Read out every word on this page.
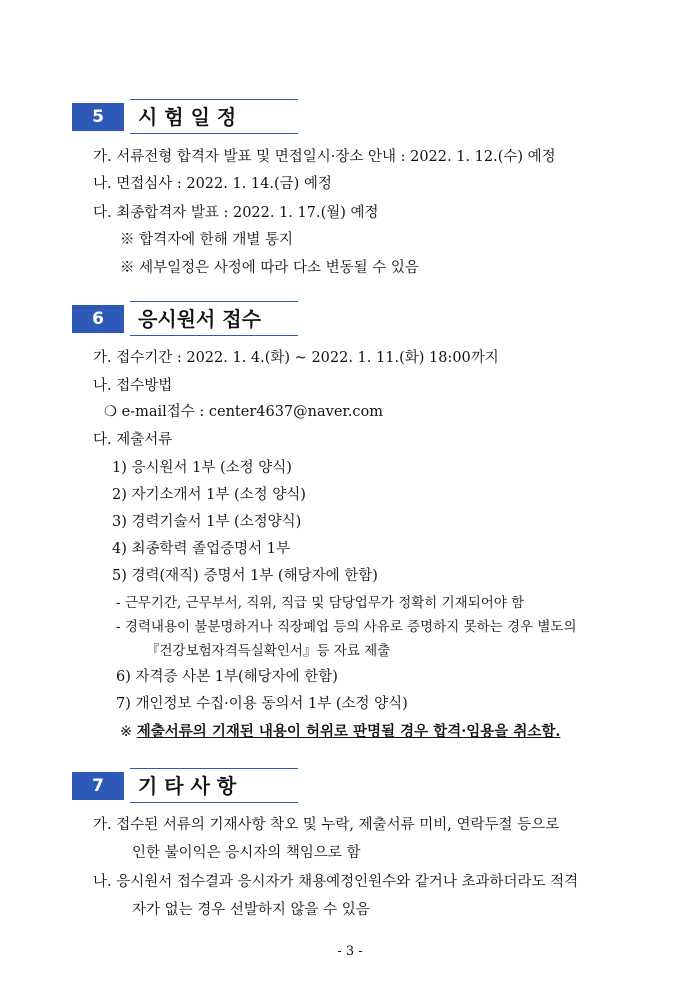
5	시 험 일 정
가. 서류전형 합격자 발표 및 면접일시·장소 안내 : 2022. 1. 12.(수) 예정
나. 면접심사 : 2022. 1. 14.(금) 예정
다. 최종합격자 발표 : 2022. 1. 17.(월) 예정
※ 합격자에 한해 개별 통지
※ 세부일정은 사정에 따라 다소 변동될 수 있음
6	응시원서 접수
가. 접수기간 : 2022. 1. 4.(화) ~ 2022. 1. 11.(화) 18:00까지
나. 접수방법
❍ e-mail접수 : center4637@naver.com
다. 제출서류
1) 응시원서 1부 (소정 양식)
2) 자기소개서 1부 (소정 양식)
3) 경력기술서 1부 (소정양식)
4) 최종학력 졸업증명서 1부
5) 경력(재직) 증명서 1부 (해당자에 한함)
- 근무기간, 근무부서, 직위, 직급 및 담당업무가 정확히 기재되어야 함
- 경력내용이 불분명하거나 직장폐업 등의 사유로 증명하지 못하는 경우 별도의
『건강보험자격득실확인서』등 자료 제출
6) 자격증 사본 1부(해당자에 한함)
7) 개인정보 수집·이용 동의서 1부 (소정 양식)
※ 제출서류의 기재된 내용이 허위로 판명될 경우 합격·임용을 취소함.
7	기 타 사 항
가. 접수된 서류의 기재사항 착오 및 누락, 제출서류 미비, 연락두절 등으로
인한 불이익은 응시자의 책임으로 함
나. 응시원서 접수결과 응시자가 채용예정인원수와 같거나 초과하더라도 적격
자가 없는 경우 선발하지 않을 수 있음
- 3 -
